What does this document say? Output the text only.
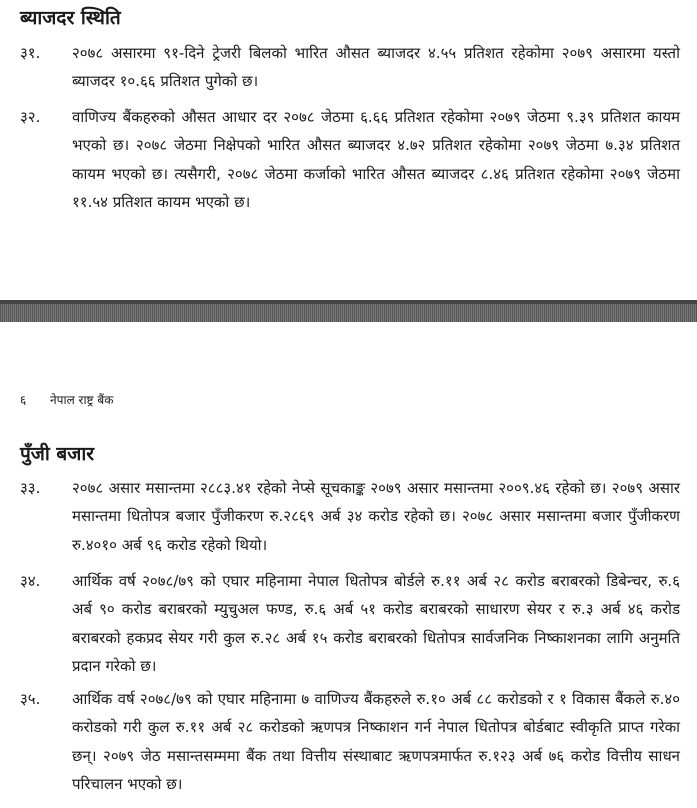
ब्याजदर स्थिति
३१.	२०७८ असारमा ९१-दिने ट्रेजरी बिलको भारित औसत ब्याजदर ४.५५ प्रतिशत रहेकोमा २०७९ असारमा यस्तो ब्याजदर १०.६६ प्रतिशत पुगेको छ।
३२.	वाणिज्य बैंकहरुको औसत आधार दर २०७८ जेठमा ६.६६ प्रतिशत रहेकोमा २०७९ जेठमा ९.३९ प्रतिशत कायम भएको छ। २०७८ जेठमा निक्षेपको भारित औसत ब्याजदर ४.७२ प्रतिशत रहेकोमा २०७९ जेठमा ७.३४ प्रतिशत कायम भएको छ। त्यसैगरी, २०७८ जेठमा कर्जाको भारित औसत ब्याजदर ८.४६ प्रतिशत रहेकोमा २०७९ जेठमा ११.५४ प्रतिशत कायम भएको छ।
६ नेपाल राष्ट्र बैंक
पुँजी बजार
३३.	२०७८ असार मसान्तमा २८८३.४१ रहेको नेप्से सूचकाङ्क २०७९ असार मसान्तमा २००९.४६ रहेको छ। २०७९ असार मसान्तमा धितोपत्र बजार पुँजीकरण रु.२८६९ अर्ब ३४ करोड रहेको छ। २०७८ असार मसान्तमा बजार पुँजीकरण रु.४०१० अर्ब ९६ करोड रहेको थियो।
३४.	आर्थिक वर्ष २०७८/७९ को एघार महिनामा नेपाल धितोपत्र बोर्डले रु.११ अर्ब २८ करोड बराबरको डिबेन्चर, रु.६ अर्ब ९० करोड बराबरको म्युचुअल फण्ड, रु.६ अर्ब ५१ करोड बराबरको साधारण सेयर र रु.३ अर्ब ४६ करोड बराबरको हकप्रद सेयर गरी कुल रु.२८ अर्ब १५ करोड बराबरको धितोपत्र सार्वजनिक निष्काशनका लागि अनुमति प्रदान गरेको छ।
३५.	आर्थिक वर्ष २०७८/७९ को एघार महिनामा ७ वाणिज्य बैंकहरुले रु.१० अर्ब ८८ करोडको र १ विकास बैंकले रु.४० करोडको गरी कुल रु.११ अर्ब २८ करोडको ऋणपत्र निष्काशन गर्न नेपाल धितोपत्र बोर्डबाट स्वीकृति प्राप्त गरेका छन्। २०७९ जेठ मसान्तसम्ममा बैंक तथा वित्तीय संस्थाबाट ऋणपत्रमार्फत रु.१२३ अर्ब ७६ करोड वित्तीय साधन परिचालन भएको छ।
